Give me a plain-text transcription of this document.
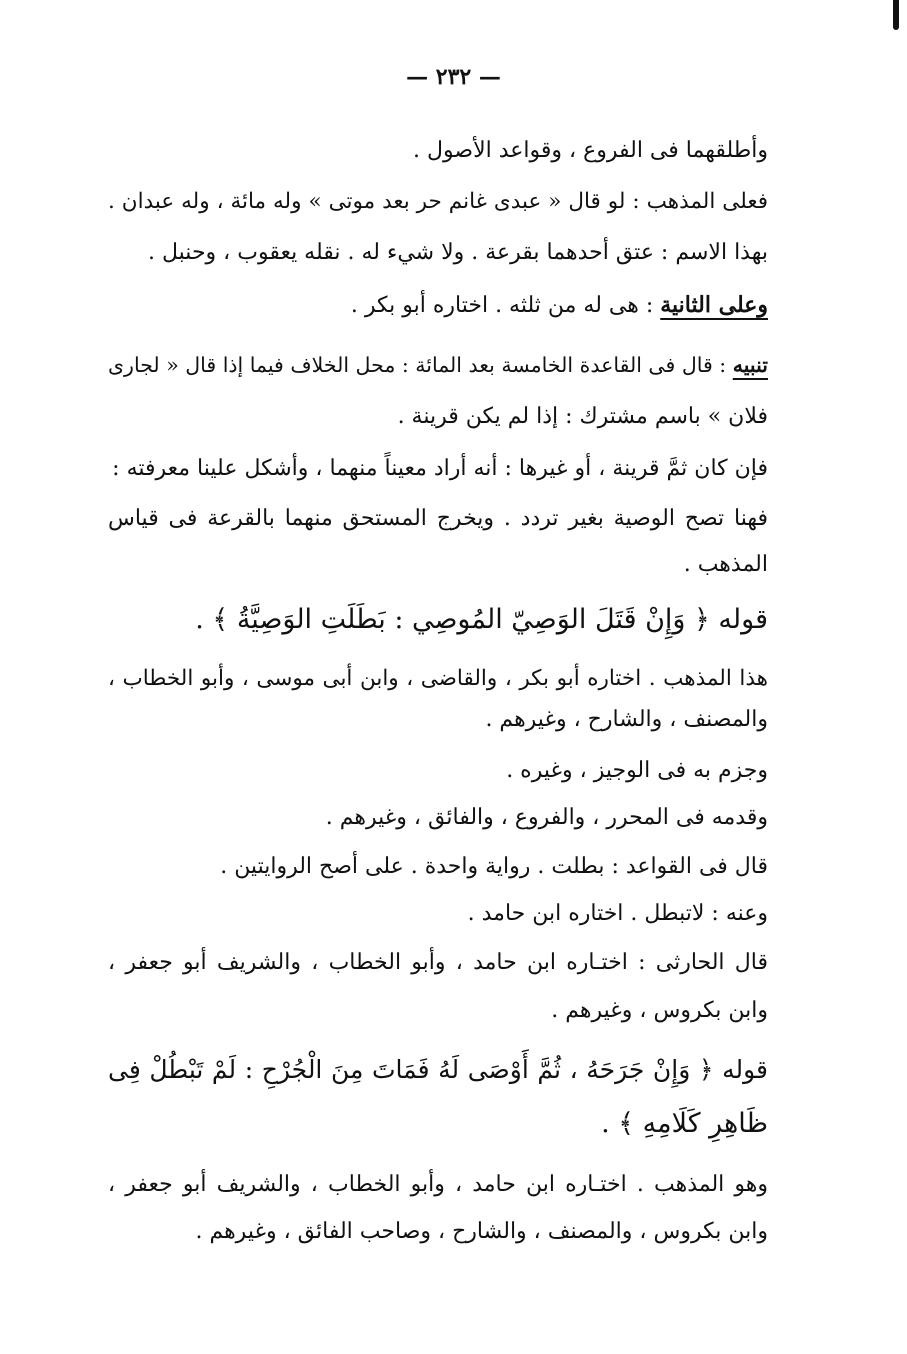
— ٢٣٢ —
وأطلقهما فى الفروع ، وقواعد الأصول .
فعلى المذهب : لو قال « عبدى غانم حر بعد موتى » وله مائة ، وله عبدان .
بهذا الاسم : عتق أحدهما بقرعة . ولا شيء له . نقله يعقوب ، وحنبل .
وعلى الثانية : هى له من ثلثه . اختاره أبو بكر .
تنبيه : قال فى القاعدة الخامسة بعد المائة : محل الخلاف فيما إذا قال « لجارى
فلان » باسم مشترك : إذا لم يكن قرينة .
فإن كان ثمَّ قرينة ، أو غيرها : أنه أراد معيناً منهما ، وأشكل علينا معرفته :
فهنا تصح الوصية بغير تردد . ويخرج المستحق منهما بالقرعة فى قياس
المذهب .
قوله ﴿ وَإِنْ قَتَلَ الوَصِيّ المُوصِي : بَطَلَتِ الوَصِيَّةُ ﴾ .
هذا المذهب . اختاره أبو بكر ، والقاضى ، وابن أبى موسى ، وأبو الخطاب ،
والمصنف ، والشارح ، وغيرهم .
وجزم به فى الوجيز ، وغيره .
وقدمه فى المحرر ، والفروع ، والفائق ، وغيرهم .
قال فى القواعد : بطلت . رواية واحدة . على أصح الروايتين .
وعنه : لاتبطل . اختاره ابن حامد .
قال الحارثى : اختـاره ابن حامد ، وأبو الخطاب ، والشريف أبو جعفر ،
وابن بكروس ، وغيرهم .
قوله ﴿ وَإِنْ جَرَحَهُ ، ثُمَّ أَوْصَى لَهُ فَمَاتَ مِنَ الْجُرْحِ : لَمْ تَبْطُلْ فِى
ظَاهِرِ كَلَامِهِ ﴾ .
وهو المذهب . اختـاره ابن حامد ، وأبو الخطاب ، والشريف أبو جعفر ،
وابن بكروس ، والمصنف ، والشارح ، وصاحب الفائق ، وغيرهم .
